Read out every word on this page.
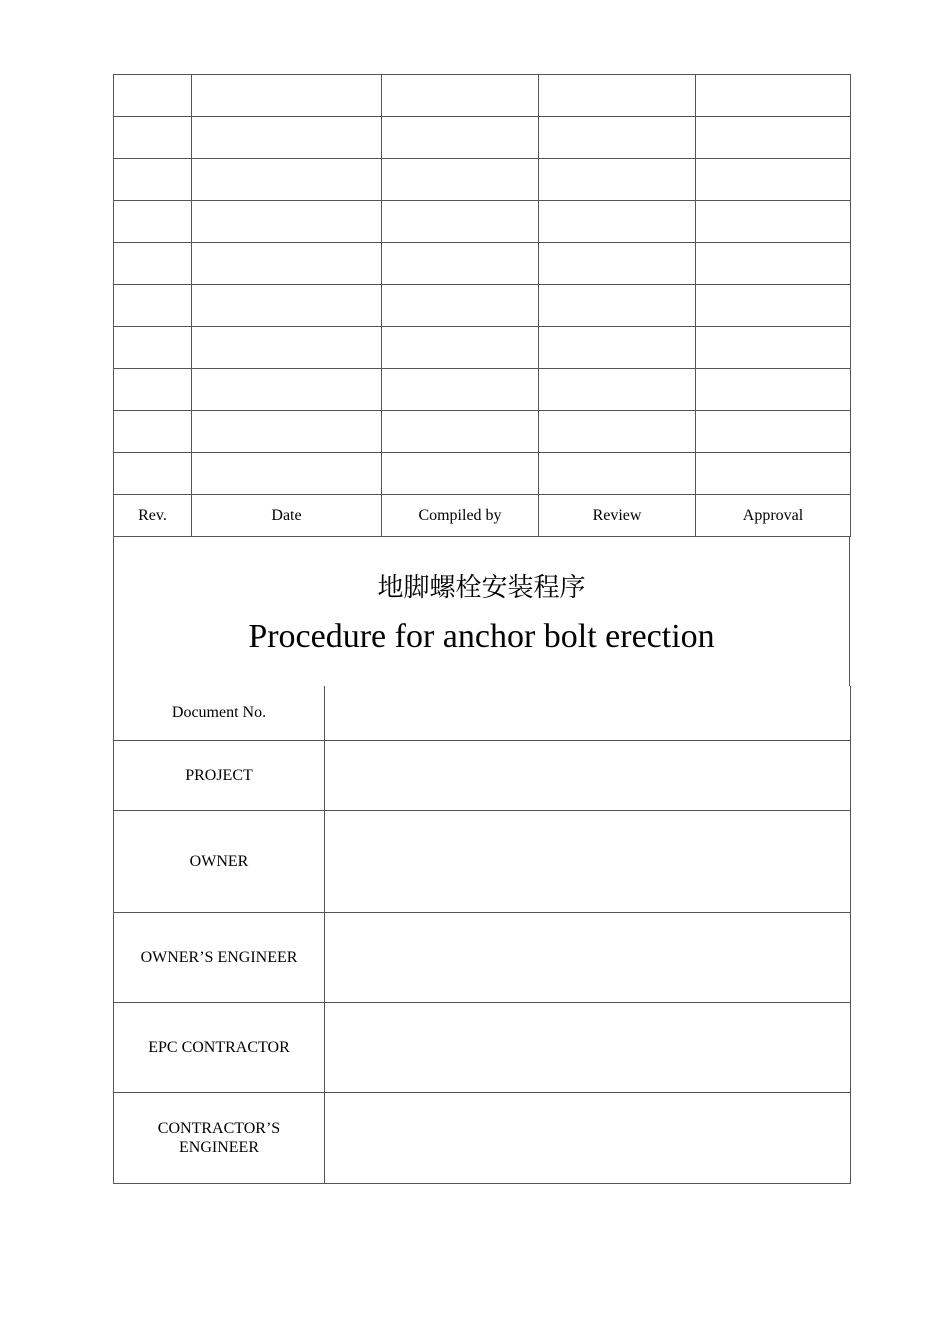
Rev.	Date	Compiled by	Review	Approval
地脚螺栓安装程序
Procedure for anchor bolt erection
Document No.	
PROJECT	
OWNER	
OWNER’S ENGINEER	
EPC CONTRACTOR	
CONTRACTOR’S ENGINEER	
